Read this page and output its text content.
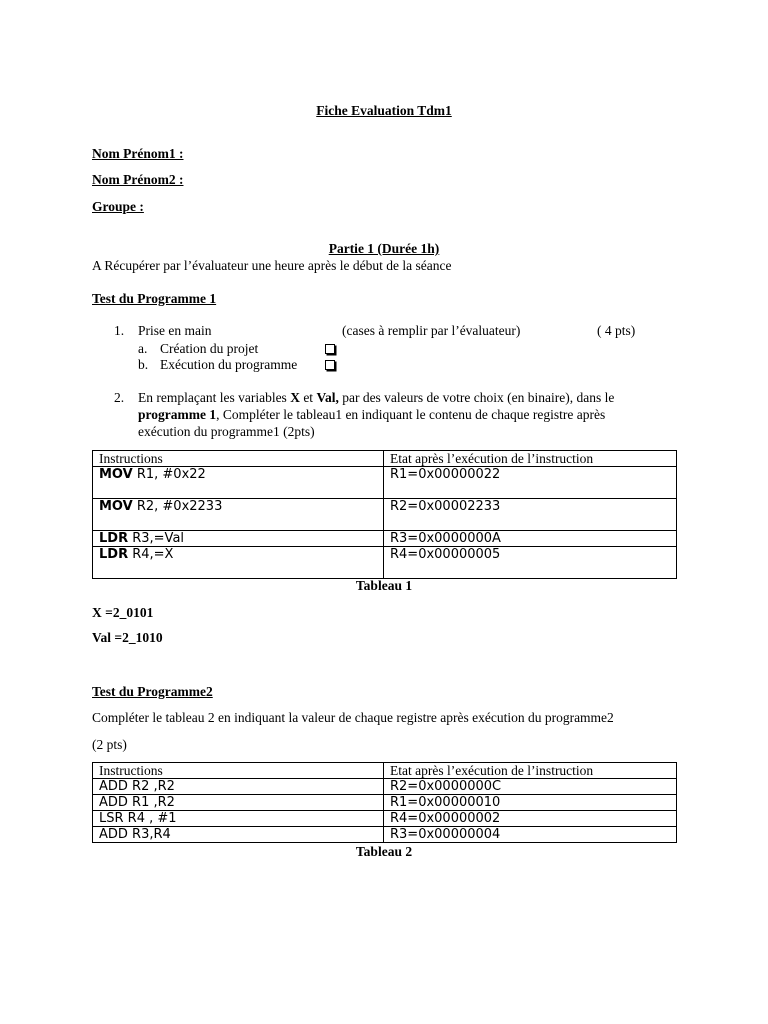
Fiche Evaluation Tdm1
Nom Prénom1 :
Nom Prénom2 :
Groupe :
Partie 1 (Durée 1h)
A Récupérer par l’évaluateur une heure après le début de la séance
Test du Programme 1
1. Prise en main	(cases à remplir par l’évaluateur)	( 4 pts)
a. Création du projet
b. Exécution du programme
2. En remplaçant les variables X et Val, par des valeurs de votre choix (en binaire), dans le
programme 1, Compléter le tableau1 en indiquant le contenu de chaque registre après
exécution du programme1 (2pts)
Instructions	Etat après l’exécution de l’instruction
MOV R1, #0x22	R1=0x00000022
MOV R2, #0x2233	R2=0x00002233
LDR R3,=Val	R3=0x0000000A
LDR R4,=X	R4=0x00000005
Tableau 1
X =2_0101
Val =2_1010
Test du Programme2
Compléter le tableau 2 en indiquant la valeur de chaque registre après exécution du programme2
(2 pts)
Instructions	Etat après l’exécution de l’instruction
ADD R2 ,R2	R2=0x0000000C
ADD R1 ,R2	R1=0x00000010
LSR R4 , #1	R4=0x00000002
ADD R3,R4	R3=0x00000004
Tableau 2
